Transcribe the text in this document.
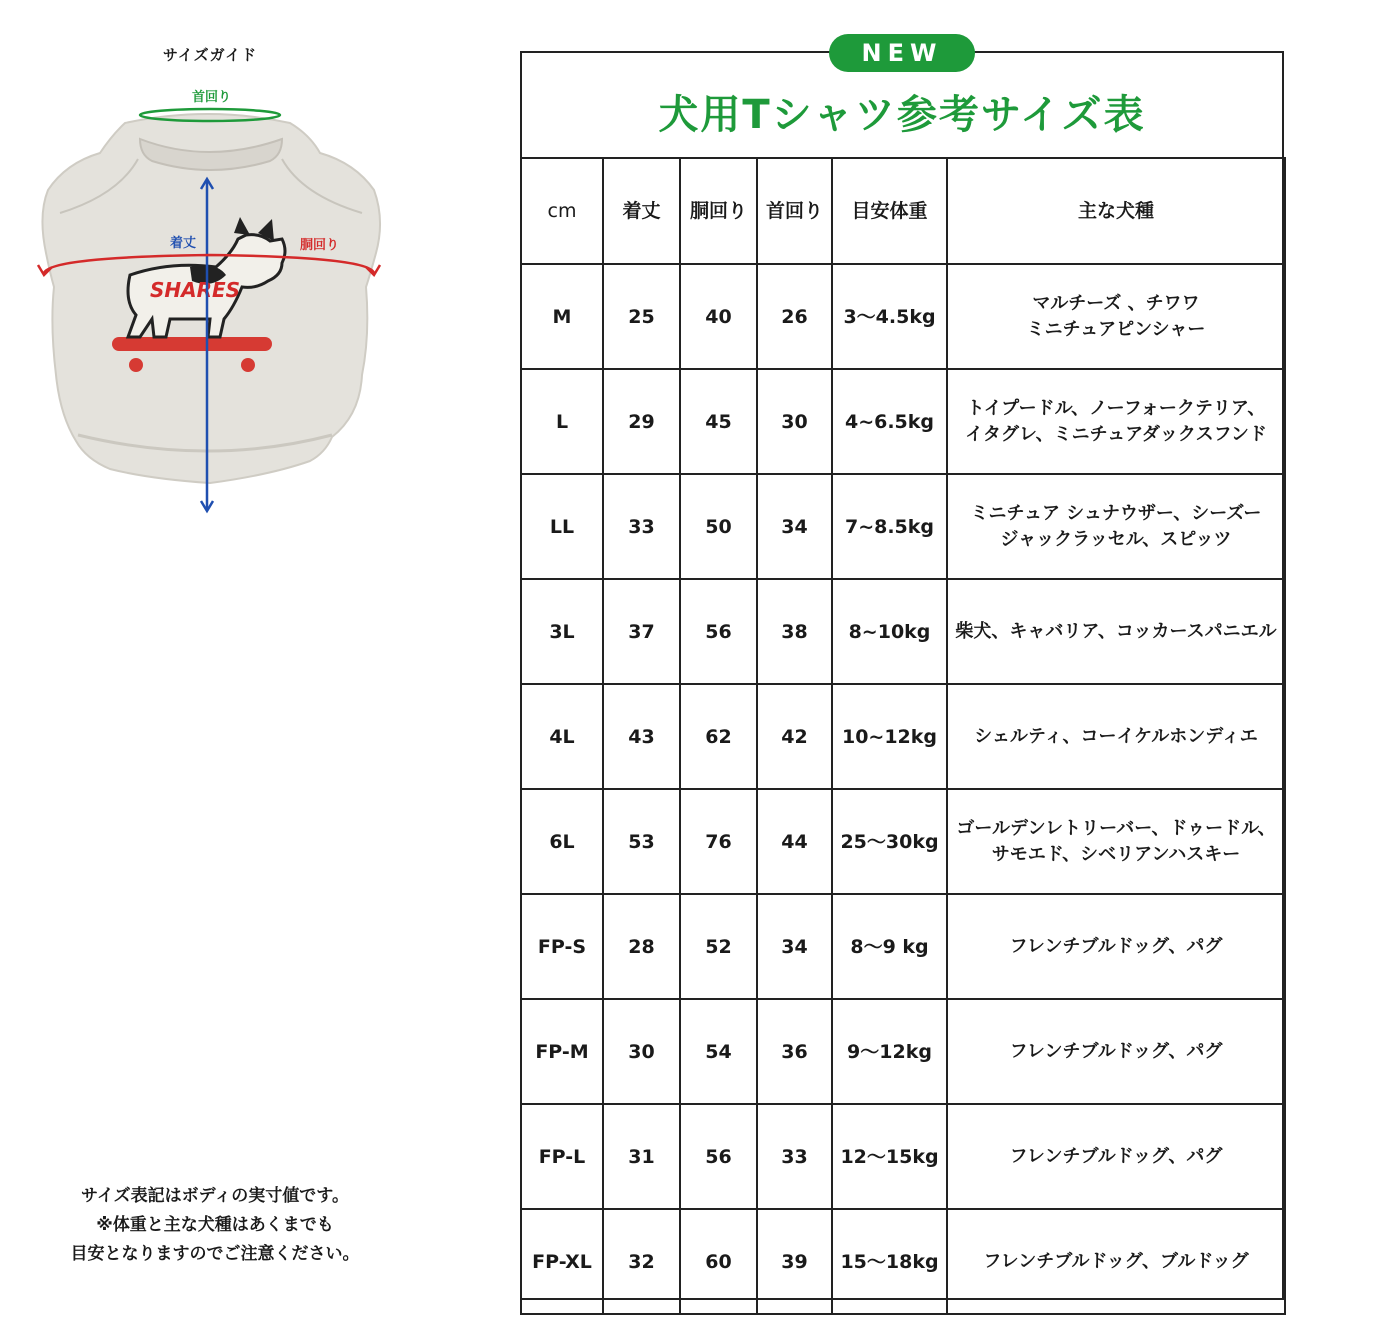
サイズガイド
SHARES
首回り
着丈	胴回り
サイズ表記はボディの実寸値です。
※体重と主な犬種はあくまでも
目安となりますのでご注意ください。
NEW
犬用Tシャツ参考サイズ表
cm	着丈	胴回り	首回り	目安体重	主な犬種
M	25	40	26	3～4.5kg	マルチーズ 、チワワ
ミニチュアピンシャー

L	29	45	30	4~6.5kg	トイプードル、ノーフォークテリア、
イタグレ、ミニチュアダックスフンド

LL	33	50	34	7~8.5kg	ミニチュア シュナウザー、シーズー
ジャックラッセル、スピッツ

3L	37	56	38	8~10kg	柴犬、キャバリア、コッカースパニエル

4L	43	62	42	10~12kg	シェルティ、コーイケルホンディエ

6L	53	76	44	25～30kg	ゴールデンレトリーバー、ドゥードル、
サモエド、シベリアンハスキー

FP-S	28	52	34	8～9 kg	フレンチブルドッグ、パグ

FP-M	30	54	36	9～12kg	フレンチブルドッグ、パグ

FP-L	31	56	33	12～15kg	フレンチブルドッグ、パグ

FP-XL	32	60	39	15～18kg	フレンチブルドッグ、ブルドッグ
